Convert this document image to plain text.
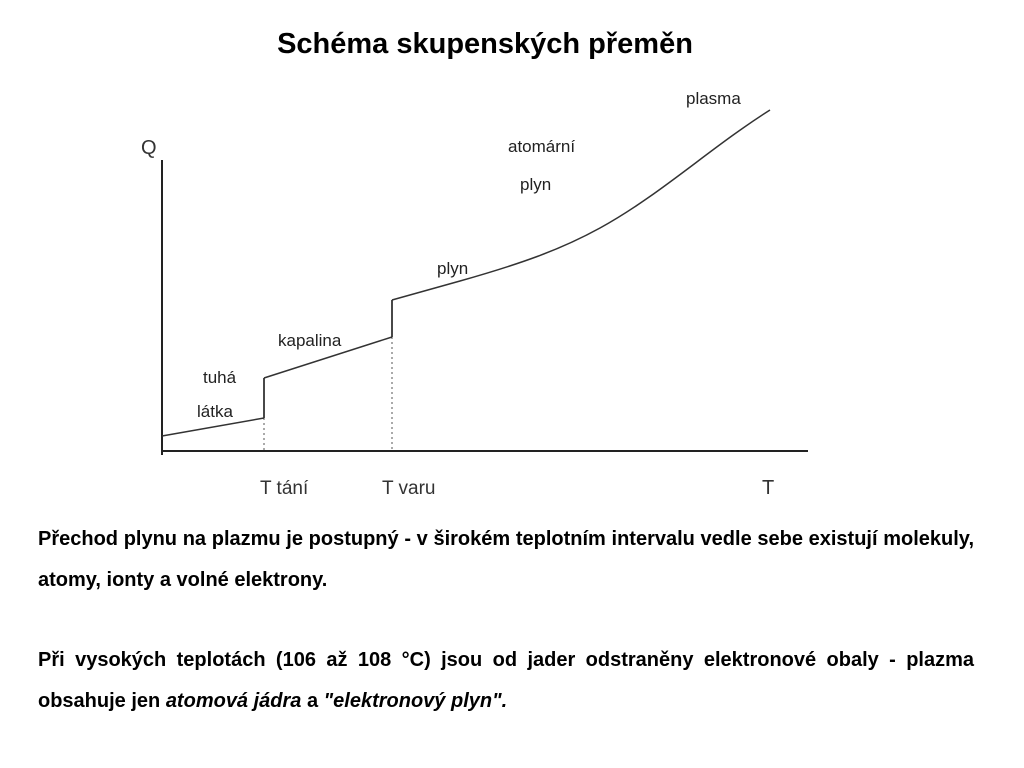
Schéma skupenských přeměn
Q
T
T tání	T varu
tuhá
látka
kapalina
plyn
atomární
plyn
plasma

Přechod plynu na plazmu je postupný - v širokém teplotním intervalu vedle sebe existují molekuly, atomy, ionty a volné elektrony.

Při vysokých teplotách (106 až 108 °C) jsou od jader odstraněny elektronové obaly - plazma obsahuje jen atomová jádra a "elektronový plyn".
